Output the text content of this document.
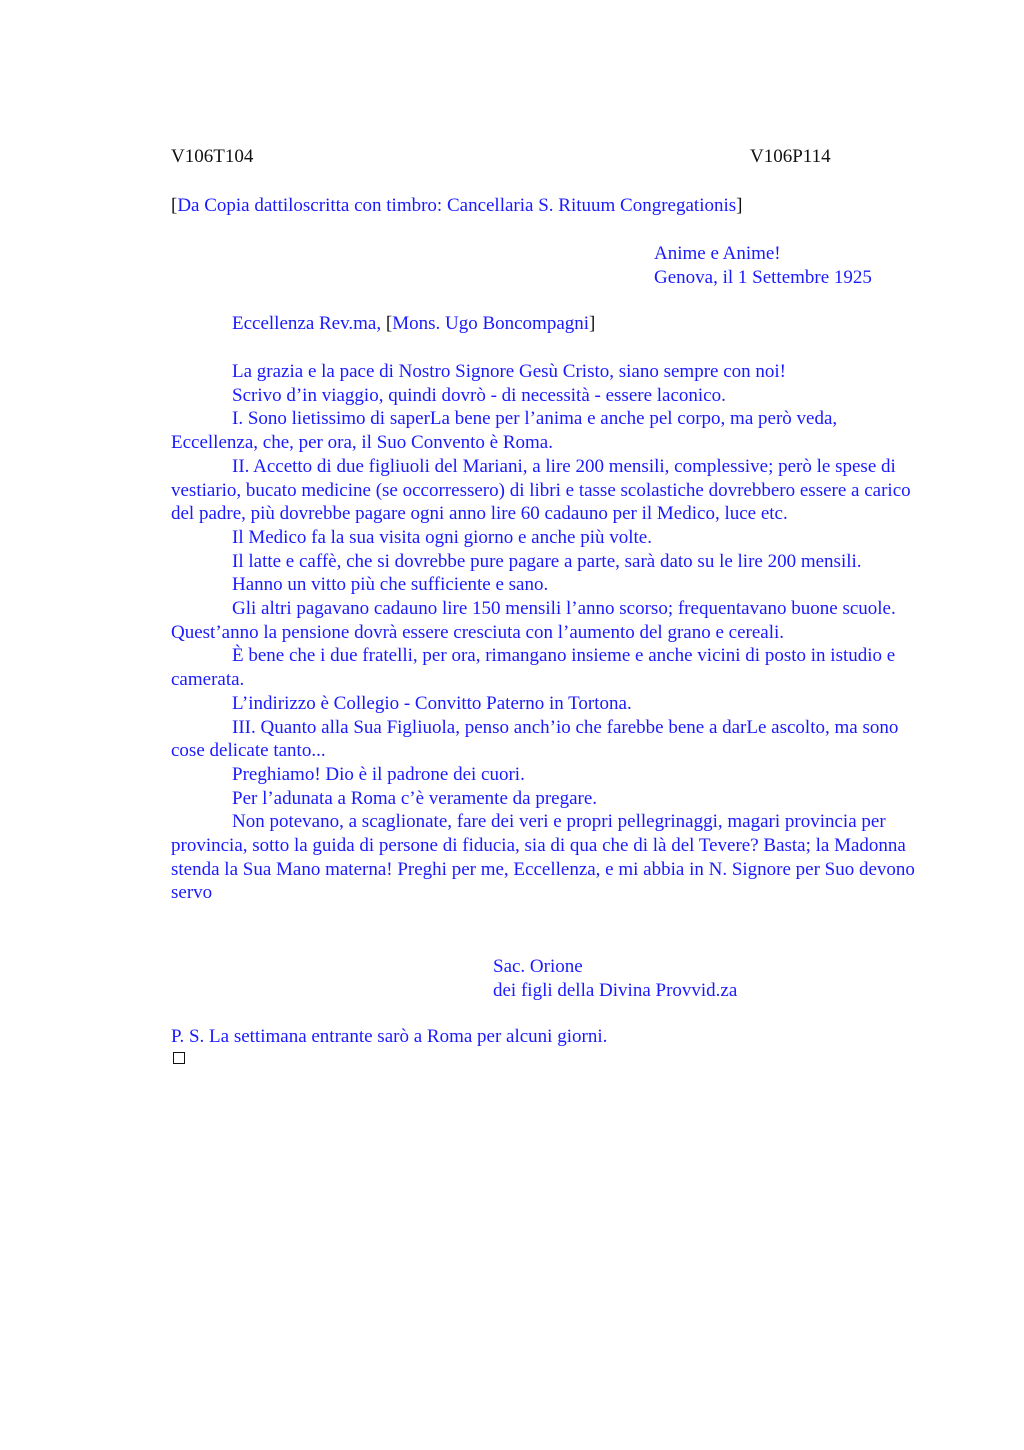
V106T104	V106P114
[Da Copia dattiloscritta con timbro: Cancellaria S. Rituum Congregationis]
Anime e Anime!
Genova, il 1 Settembre 1925
Eccellenza Rev.ma, [Mons. Ugo Boncompagni]

La grazia e la pace di Nostro Signore Gesù Cristo, siano sempre con noi!

Scrivo d’in viaggio, quindi dovrò - di necessità - essere laconico.

I. Sono lietissimo di saperLa bene per l’anima e anche pel corpo, ma però veda, Eccellenza, che, per ora, il Suo Convento è Roma.

II. Accetto di due figliuoli del Mariani, a lire 200 mensili, complessive; però le spese di vestiario, bucato medicine (se occorressero) di libri e tasse scolastiche dovrebbero essere a carico del padre, più dovrebbe pagare ogni anno lire 60 cadauno per il Medico, luce etc.

Il Medico fa la sua visita ogni giorno e anche più volte.

Il latte e caffè, che si dovrebbe pure pagare a parte, sarà dato su le lire 200 mensili.

Hanno un vitto più che sufficiente e sano.

Gli altri pagavano cadauno lire 150 mensili l’anno scorso; frequentavano buone scuole. Quest’anno la pensione dovrà essere cresciuta con l’aumento del grano e cereali.

È bene che i due fratelli, per ora, rimangano insieme e anche vicini di posto in istudio e camerata.

L’indirizzo è Collegio - Convitto Paterno in Tortona.

III. Quanto alla Sua Figliuola, penso anch’io che farebbe bene a darLe ascolto, ma sono cose delicate tanto...

Preghiamo! Dio è il padrone dei cuori.

Per l’adunata a Roma c’è veramente da pregare.

Non potevano, a scaglionate, fare dei veri e propri pellegrinaggi, magari provincia per provincia, sotto la guida di persone di fiducia, sia di qua che di là del Tevere? Basta; la Madonna stenda la Sua Mano materna! Preghi per me, Eccellenza, e mi abbia in N. Signore per Suo devono servo

Sac. Orione
dei figli della Divina Provvid.za
P. S. La settimana entrante sarò a Roma per alcuni giorni.
